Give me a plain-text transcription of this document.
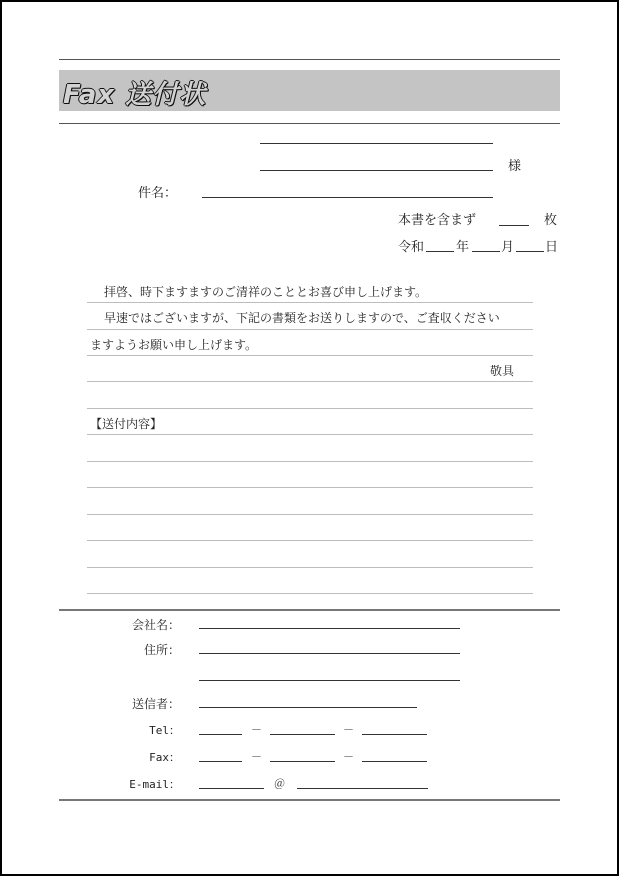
Fax 送付状
様
件名：
本書を含まず	枚
令和 年 月 日
拝啓、時下ますますのご清祥のこととお喜び申し上げます。
早速ではございますが、下記の書類をお送りしますので、ご査収ください
ますようお願い申し上げます。
敬具
【送付内容】
会社名：
住所：
送信者：
Tel：	－	－
Fax：	－	－
E-mail：	＠
